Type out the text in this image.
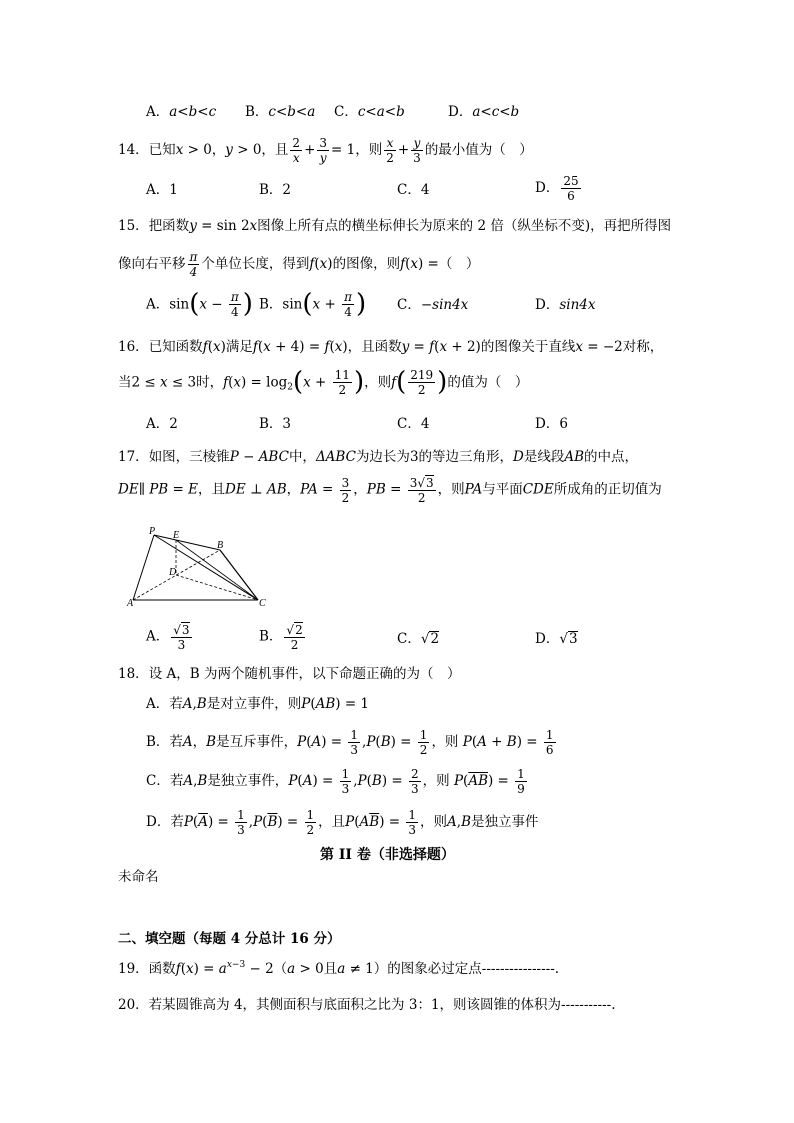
A．a<b<c B．c<b<a C．c<a<b	D．a<c<b
14．已知x > 0，y > 0，且 $\frac{2}{x} + \frac{3}{y} = 1$，则 $\frac{x}{2} + \frac{y}{3}$ 的最小值为（　）
A．1	B．2	C．4	D． $\frac{25}{6}$
15．把函数y = sin 2x图像上所有点的横坐标伸长为原来的 2 倍（纵坐标不变)，再把所得图
像向右平移 $\frac{\pi}{4}$ 个单位长度，得到f(x)的图像，则f(x) =（　）
A．$\sin(x - \frac{\pi}{4}$ ) B．$\sin(x + \frac{\pi}{4}$ ) C．−sin4x	D．sin4x
16．已知函数f(x)满足f(x + 4) = f(x)，且函数y = f(x + 2)的图像关于直线x = −2对称，
当2 ≤ x ≤ 3时，$f(x) = \log_2(x + \frac{11}{2}$ )，则$f( \frac{219}{2}$ )的值为（　）
A．2	B．3	C．4	D．6
17．如图，三棱锥P − ABC中，ΔABC为边长为3的等边三角形，D是线段AB的中点，
DE∥ PB = E，且DE ⊥ AB，PA = $\frac{3}{2}$ ，PB = $\frac{3√3}{2}$ ，则PA与平面CDE所成角的正切值为
P E
B
D
A	C
A． $\frac{√3}{3}$	B． $\frac{√2}{2}$	C．√2	D．√3
18．设 A，B 为两个随机事件，以下命题正确的为（　）
A．若A,B是对立事件，则P(AB) = 1
B．若A，B是互斥事件，$P(A) = \frac{1}{3} ,P(B) = \frac{1}{2}$ ，则 $P(A + B) = \frac{1}{6}$
C．若A,B是独立事件，$P(A) = \frac{1}{3} ,P(B) = \frac{2}{3}$ ，则 $P(\overline{AB}) = \frac{1}{9}$
D．若$P(\overline{A}) = \frac{1}{3} ,P(\overline{B}) = \frac{1}{2}$ ，且$P(A\overline{B}) = \frac{1}{3}$ ，则A,B是独立事件
第 II 卷（非选择题）
未命名
二、填空题（每题 4 分总计 16 分）
19．函数$f(x) = a^{x-3} - 2(a > 0$且a ≠ 1）的图象必过定点----------------.
20．若某圆锥高为 4，其侧面积与底面积之比为 3：1，则该圆锥的体积为-----------.
